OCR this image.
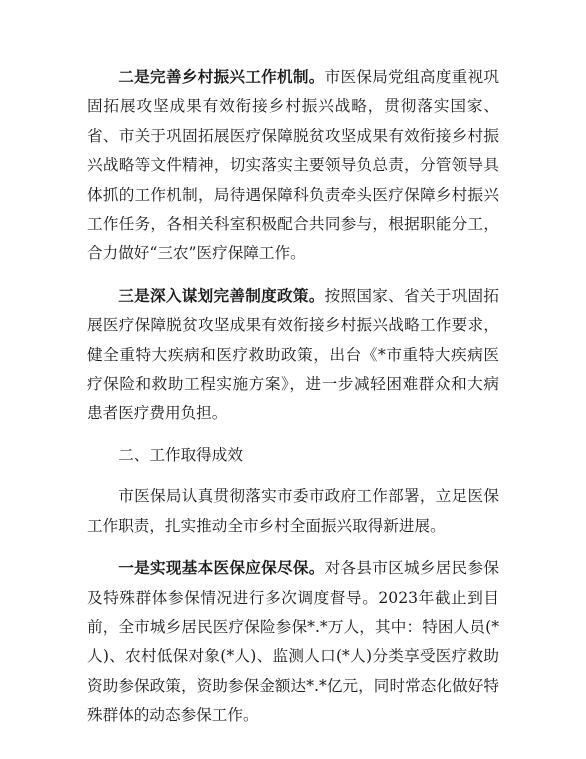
二是完善乡村振兴工作机制。市医保局党组高度重视巩固拓展攻坚成果有效衔接乡村振兴战略，贯彻落实国家、省、市关于巩固拓展医疗保障脱贫攻坚成果有效衔接乡村振兴战略等文件精神，切实落实主要领导负总责，分管领导具体抓的工作机制，局待遇保障科负责牵头医疗保障乡村振兴工作任务，各相关科室积极配合共同参与，根据职能分工，合力做好“三农”医疗保障工作。

三是深入谋划完善制度政策。按照国家、省关于巩固拓展医疗保障脱贫攻坚成果有效衔接乡村振兴战略工作要求，健全重特大疾病和医疗救助政策，出台《*市重特大疾病医疗保险和救助工程实施方案》，进一步减轻困难群众和大病患者医疗费用负担。

二、工作取得成效

市医保局认真贯彻落实市委市政府工作部署，立足医保工作职责，扎实推动全市乡村全面振兴取得新进展。

一是实现基本医保应保尽保。对各县市区城乡居民参保及特殊群体参保情况进行多次调度督导。2023年截止到目前，全市城乡居民医疗保险参保*.*万人，其中：特困人员(*人)、农村低保对象(*人)、监测人口(*人)分类享受医疗救助资助参保政策，资助参保金额达*.*亿元，同时常态化做好特殊群体的动态参保工作。
